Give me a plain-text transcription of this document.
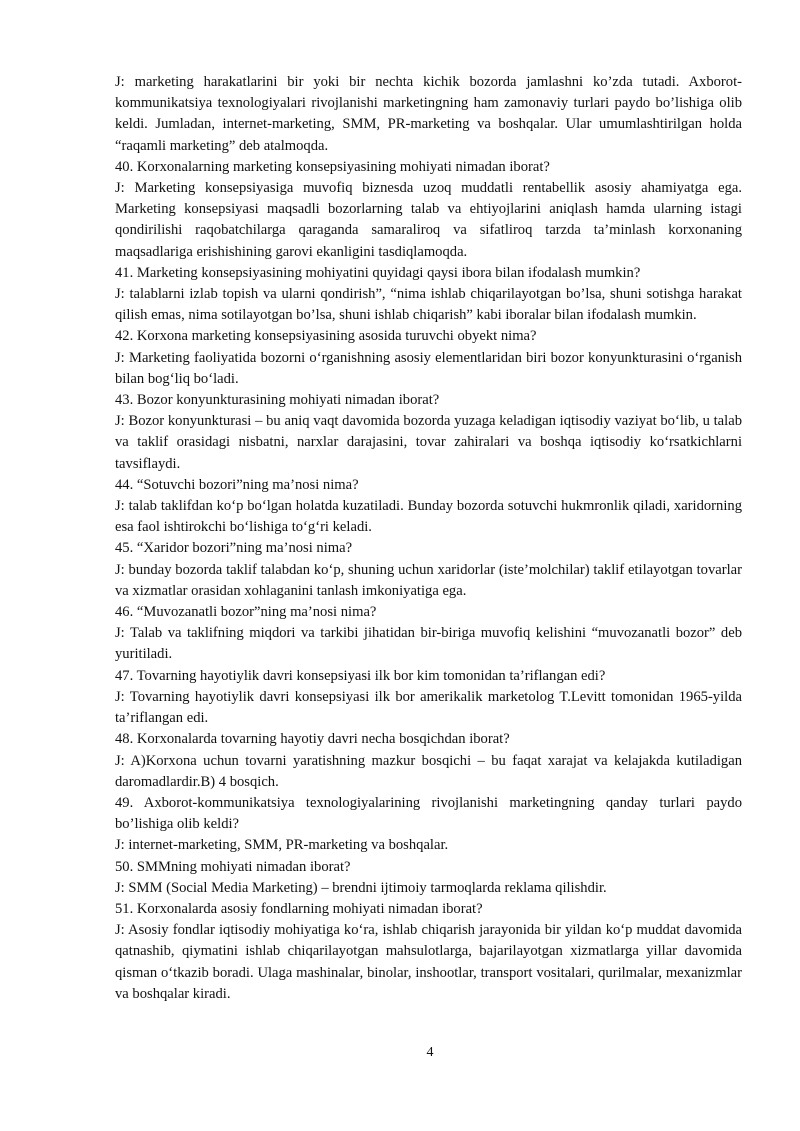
J: marketing harakatlarini bir yoki bir nechta kichik bozorda jamlashni ko’zda tutadi. Axborot-kommunikatsiya texnologiyalari rivojlanishi marketingning ham zamonaviy turlari paydo bo’lishiga olib keldi. Jumladan, internet-marketing, SMM, PR-marketing va boshqalar. Ular umumlashtirilgan holda “raqamli marketing” deb atalmoqda.

40. Korxonalarning marketing konsepsiyasining mohiyati nimadan iborat?

J: Marketing konsepsiyasiga muvofiq biznesda uzoq muddatli rentabellik asosiy ahamiyatga ega. Marketing konsepsiyasi maqsadli bozorlarning talab va ehtiyojlarini aniqlash hamda ularning istagi qondirilishi raqobatchilarga qaraganda samaraliroq va sifatliroq tarzda ta’minlash korxonaning maqsadlariga erishishining garovi ekanligini tasdiqlamoqda.

41. Marketing konsepsiyasining mohiyatini quyidagi qaysi ibora bilan ifodalash mumkin?

J: talablarni izlab topish va ularni qondirish”, “nima ishlab chiqarilayotgan bo’lsa, shuni sotishga harakat qilish emas, nima sotilayotgan bo’lsa, shuni ishlab chiqarish” kabi iboralar bilan ifodalash mumkin.

42. Korxona marketing konsepsiyasining asosida turuvchi obyekt nima?

J: Marketing faoliyatida bozorni o‘rganishning asosiy elementlaridan biri bozor konyunkturasini o‘rganish bilan bog‘liq bo‘ladi.

43. Bozor konyunkturasining mohiyati nimadan iborat?

J: Bozor konyunkturasi – bu aniq vaqt davomida bozorda yuzaga keladigan iqtisodiy vaziyat bo‘lib, u talab va taklif orasidagi nisbatni, narxlar darajasini, tovar zahiralari va boshqa iqtisodiy ko‘rsatkichlarni tavsiflaydi.

44. “Sotuvchi bozori”ning ma’nosi nima?

J: talab taklifdan ko‘p bo‘lgan holatda kuzatiladi. Bunday bozorda sotuvchi hukmronlik qiladi, xaridorning esa faol ishtirokchi bo‘lishiga to‘g‘ri keladi.

45. “Xaridor bozori”ning ma’nosi nima?

J: bunday bozorda taklif talabdan ko‘p, shuning uchun xaridorlar (iste’molchilar) taklif etilayotgan tovarlar va xizmatlar orasidan xohlaganini tanlash imkoniyatiga ega.

46. “Muvozanatli bozor”ning ma’nosi nima?

J: Talab va taklifning miqdori va tarkibi jihatidan bir-biriga muvofiq kelishini “muvozanatli bozor” deb yuritiladi.

47. Tovarning hayotiylik davri konsepsiyasi ilk bor kim tomonidan ta’riflangan edi?

J: Tovarning hayotiylik davri konsepsiyasi ilk bor amerikalik marketolog T.Levitt tomonidan 1965-yilda ta’riflangan edi.

48. Korxonalarda tovarning hayotiy davri necha bosqichdan iborat?

J: A)Korxona uchun tovarni yaratishning mazkur bosqichi – bu faqat xarajat va kelajakda kutiladigan daromadlardir.B) 4 bosqich.

49. Axborot-kommunikatsiya texnologiyalarining rivojlanishi marketingning qanday turlari paydo bo’lishiga olib keldi?

J: internet-marketing, SMM, PR-marketing va boshqalar.

50. SMMning mohiyati nimadan iborat?

J: SMM (Social Media Marketing) – brendni ijtimoiy tarmoqlarda reklama qilishdir.

51. Korxonalarda asosiy fondlarning mohiyati nimadan iborat?

J: Asosiy fondlar iqtisodiy mohiyatiga ko‘ra, ishlab chiqarish jarayonida bir yildan ko‘p muddat davomida qatnashib, qiymatini ishlab chiqarilayotgan mahsulotlarga, bajarilayotgan xizmatlarga yillar davomida qisman o‘tkazib boradi. Ulaga mashinalar, binolar, inshootlar, transport vositalari, qurilmalar, mexanizmlar va boshqalar kiradi.

4
